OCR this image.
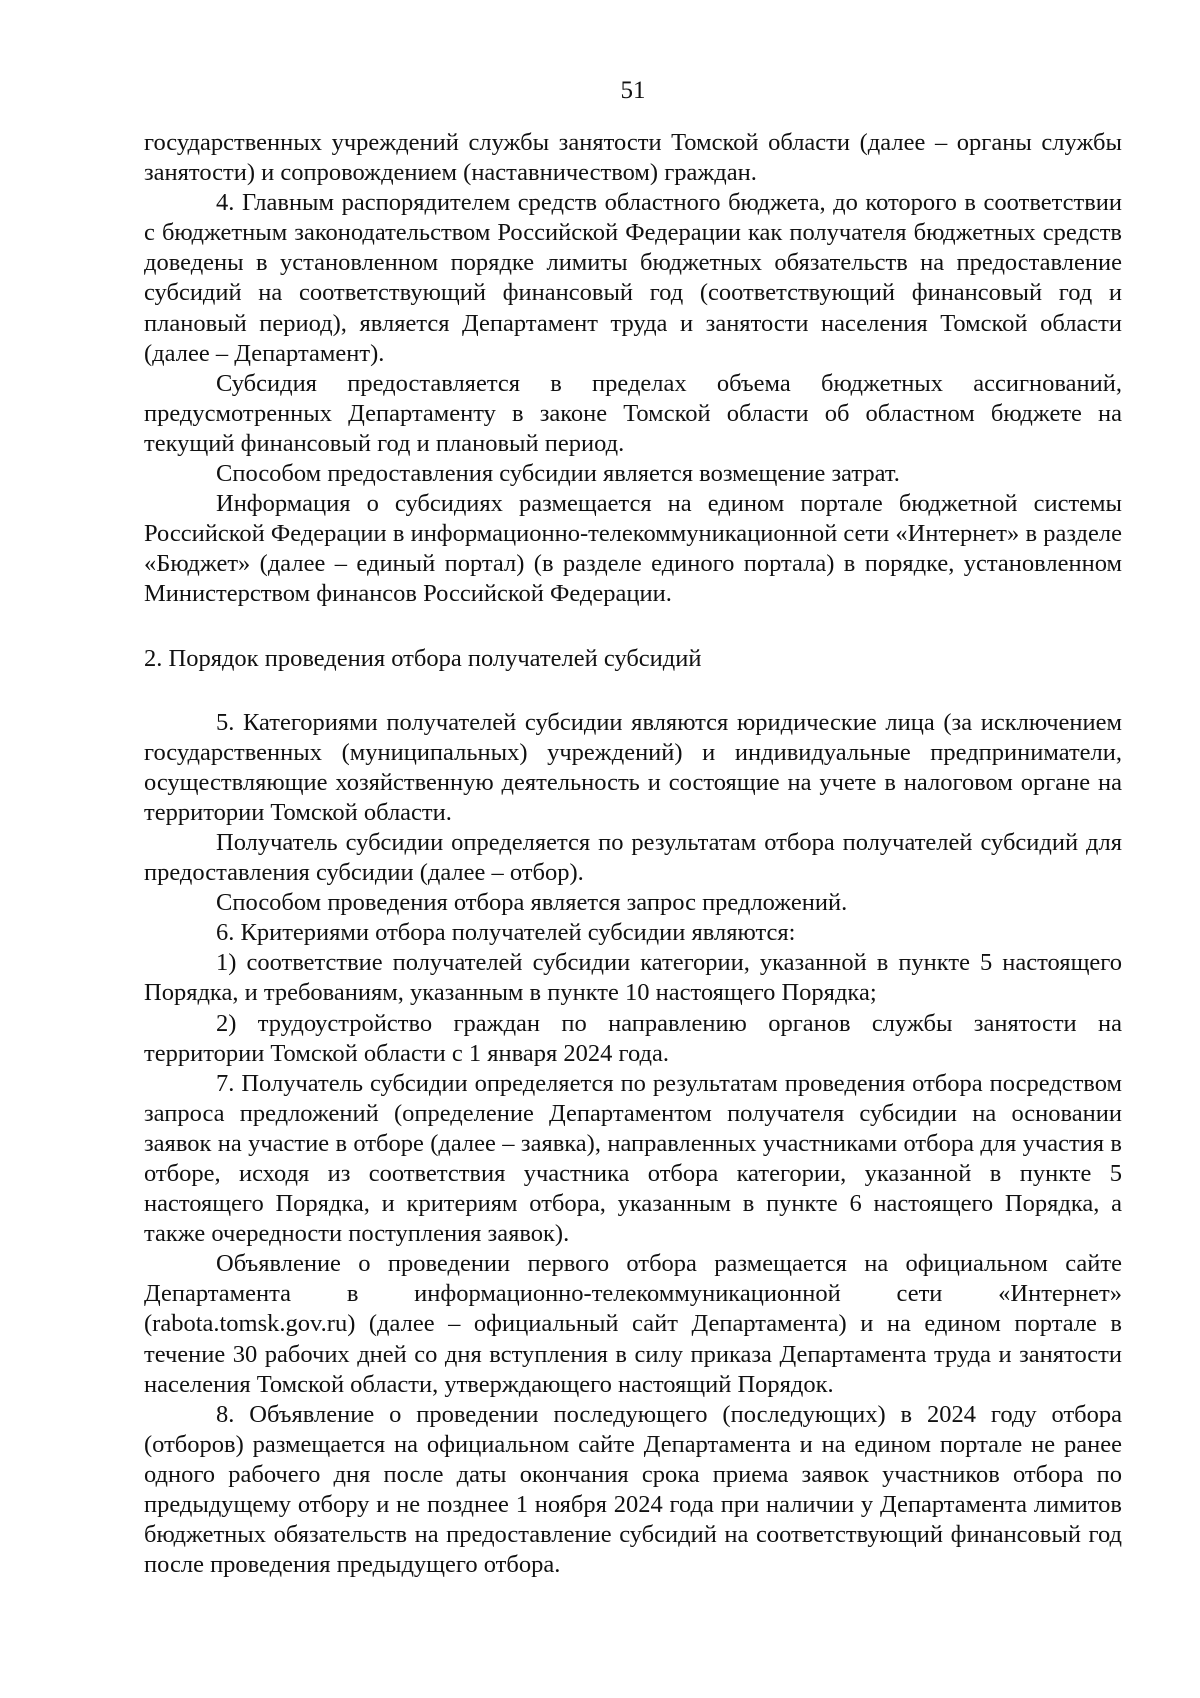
51

государственных учреждений службы занятости Томской области (далее – органы службы занятости) и сопровождением (наставничеством) граждан.

4. Главным распорядителем средств областного бюджета, до которого в соответствии с бюджетным законодательством Российской Федерации как получателя бюджетных средств доведены в установленном порядке лимиты бюджетных обязательств на предоставление субсидий на соответствующий финансовый год (соответствующий финансовый год и плановый период), является Департамент труда и занятости населения Томской области (далее – Департамент).

Субсидия предоставляется в пределах объема бюджетных ассигнований, предусмотренных Департаменту в законе Томской области об областном бюджете на текущий финансовый год и плановый период.

Способом предоставления субсидии является возмещение затрат.

Информация о субсидиях размещается на едином портале бюджетной системы Российской Федерации в информационно-телекоммуникационной сети «Интернет» в разделе «Бюджет» (далее – единый портал) (в разделе единого портала) в порядке, установленном Министерством финансов Российской Федерации.

2. Порядок проведения отбора получателей субсидий

5. Категориями получателей субсидии являются юридические лица (за исключением государственных (муниципальных) учреждений) и индивидуальные предприниматели, осуществляющие хозяйственную деятельность и состоящие на учете в налоговом органе на территории Томской области.

Получатель субсидии определяется по результатам отбора получателей субсидий для предоставления субсидии (далее – отбор).

Способом проведения отбора является запрос предложений.

6. Критериями отбора получателей субсидии являются:

1) соответствие получателей субсидии категории, указанной в пункте 5 настоящего Порядка, и требованиям, указанным в пункте 10 настоящего Порядка;

2) трудоустройство граждан по направлению органов службы занятости на территории Томской области с 1 января 2024 года.

7. Получатель субсидии определяется по результатам проведения отбора посредством запроса предложений (определение Департаментом получателя субсидии на основании заявок на участие в отборе (далее – заявка), направленных участниками отбора для участия в отборе, исходя из соответствия участника отбора категории, указанной в пункте 5 настоящего Порядка, и критериям отбора, указанным в пункте 6 настоящего Порядка, а также очередности поступления заявок).

Объявление о проведении первого отбора размещается на официальном сайте Департамента в информационно-телекоммуникационной сети «Интернет» (rabota.tomsk.gov.ru) (далее – официальный сайт Департамента) и на едином портале в течение 30 рабочих дней со дня вступления в силу приказа Департамента труда и занятости населения Томской области, утверждающего настоящий Порядок.

8. Объявление о проведении последующего (последующих) в 2024 году отбора (отборов) размещается на официальном сайте Департамента и на едином портале не ранее одного рабочего дня после даты окончания срока приема заявок участников отбора по предыдущему отбору и не позднее 1 ноября 2024 года при наличии у Департамента лимитов бюджетных обязательств на предоставление субсидий на соответствующий финансовый год после проведения предыдущего отбора.
